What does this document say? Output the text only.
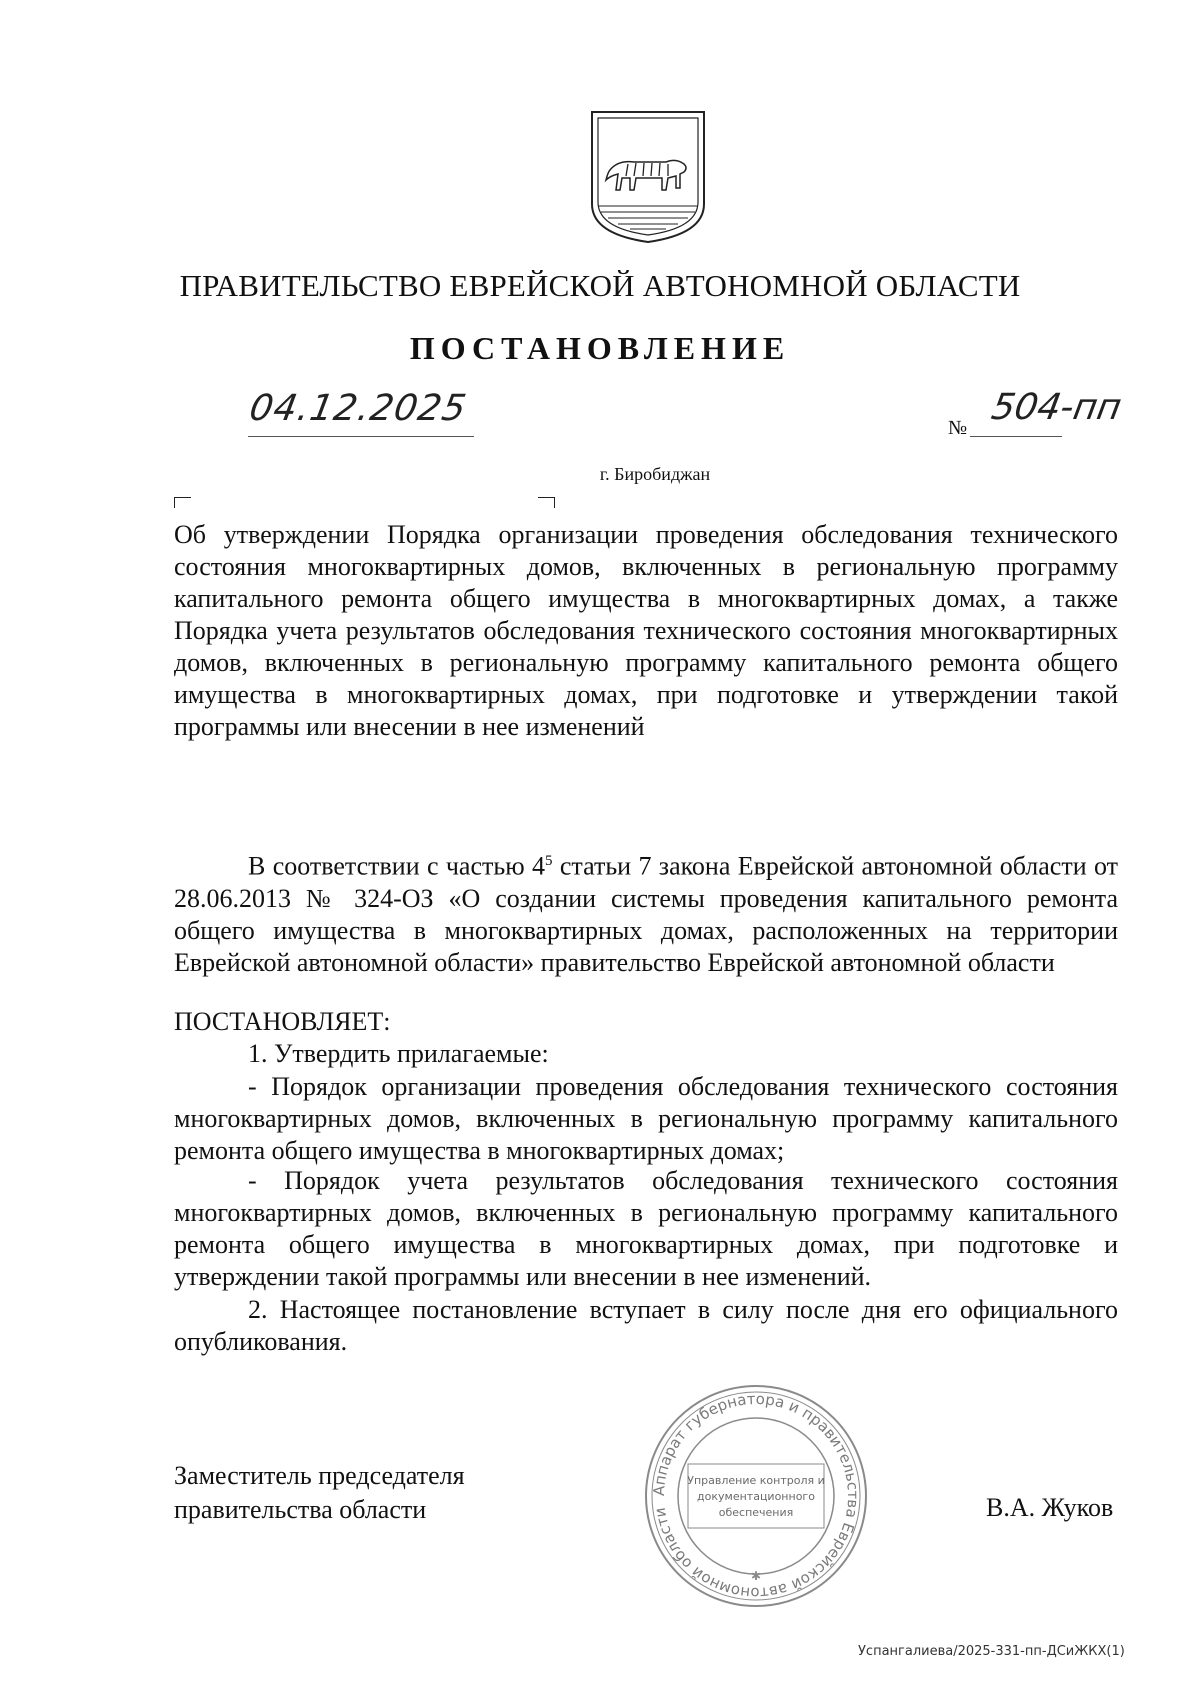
ПРАВИТЕЛЬСТВО ЕВРЕЙСКОЙ АВТОНОМНОЙ ОБЛАСТИ
ПОСТАНОВЛЕНИЕ
04.12.2025	№ 504-пп
г. Биробиджан
Об утверждении Порядка организации проведения обследования технического состояния многоквартирных домов, включенных в региональную программу капитального ремонта общего имущества в многоквартирных домах, а также Порядка учета результатов обследования технического состояния многоквартирных домов, включенных в региональную программу капитального ремонта общего имущества в многоквартирных домах, при подготовке и утверждении такой программы или внесении в нее изменений
В соответствии с частью $4^5$ статьи 7 закона Еврейской автономной области от 28.06.2013 № 324-ОЗ «О создании системы проведения капитального ремонта общего имущества в многоквартирных домах, расположенных на территории Еврейской автономной области» правительство Еврейской автономной области
ПОСТАНОВЛЯЕТ:
1. Утвердить прилагаемые:
- Порядок организации проведения обследования технического состояния многоквартирных домов, включенных в региональную программу капитального ремонта общего имущества в многоквартирных домах;
- Порядок учета результатов обследования технического состояния многоквартирных домов, включенных в региональную программу капитального ремонта общего имущества в многоквартирных домах, при подготовке и утверждении такой программы или внесении в нее изменений.
2. Настоящее постановление вступает в силу после дня его официального опубликования.
Заместитель председателя
правительства области	В.А. Жуков
Аппарат губернатора и правительства Еврейской автономной области
Управление контроля и
документационного
обеспечения
✱
Успангалиева/2025-331-пп-ДСиЖКХ(1)
